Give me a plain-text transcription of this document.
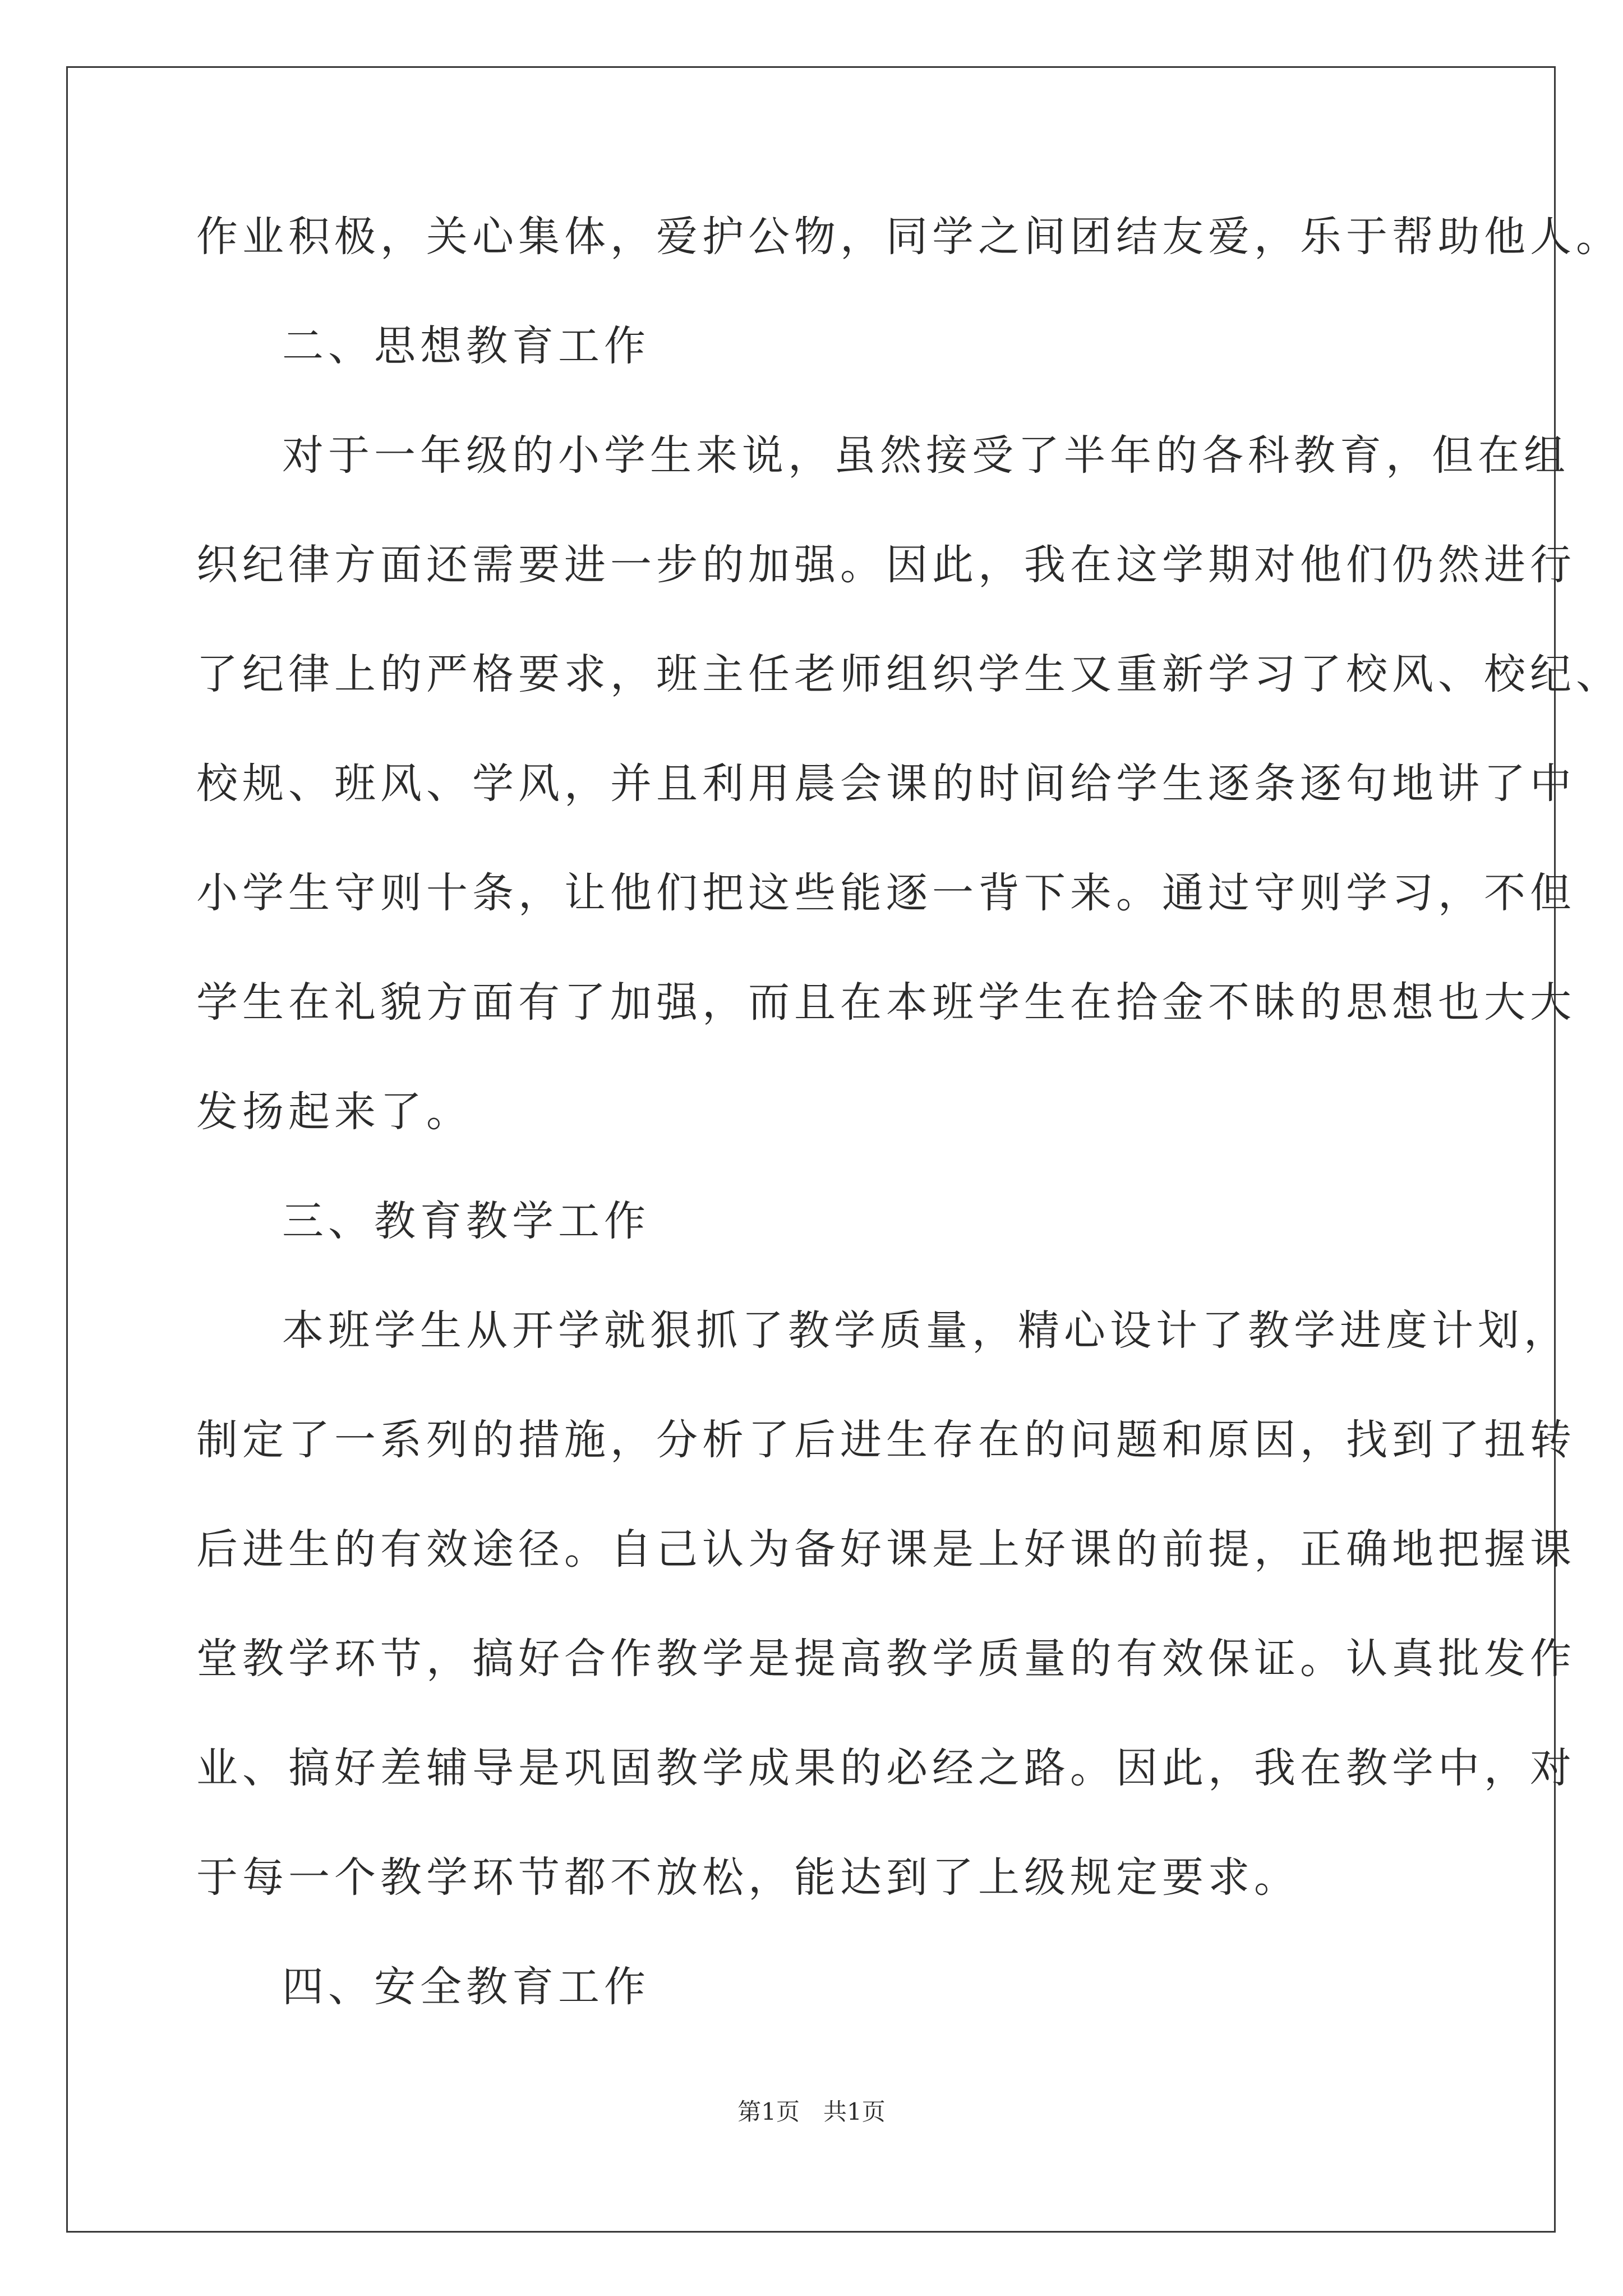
作业积极，关心集体，爱护公物，同学之间团结友爱，乐于帮助他人。
二、思想教育工作
对于一年级的小学生来说，虽然接受了半年的各科教育，但在组
织纪律方面还需要进一步的加强。因此，我在这学期对他们仍然进行
了纪律上的严格要求，班主任老师组织学生又重新学习了校风、校纪、
校规、班风、学风，并且利用晨会课的时间给学生逐条逐句地讲了中
小学生守则十条，让他们把这些能逐一背下来。通过守则学习，不但
学生在礼貌方面有了加强，而且在本班学生在拾金不昧的思想也大大
发扬起来了。
三、教育教学工作
本班学生从开学就狠抓了教学质量，精心设计了教学进度计划，
制定了一系列的措施，分析了后进生存在的问题和原因，找到了扭转
后进生的有效途径。自己认为备好课是上好课的前提，正确地把握课
堂教学环节，搞好合作教学是提高教学质量的有效保证。认真批发作
业、搞好差辅导是巩固教学成果的必经之路。因此，我在教学中，对
于每一个教学环节都不放松，能达到了上级规定要求。
四、安全教育工作
第1页　共1页
